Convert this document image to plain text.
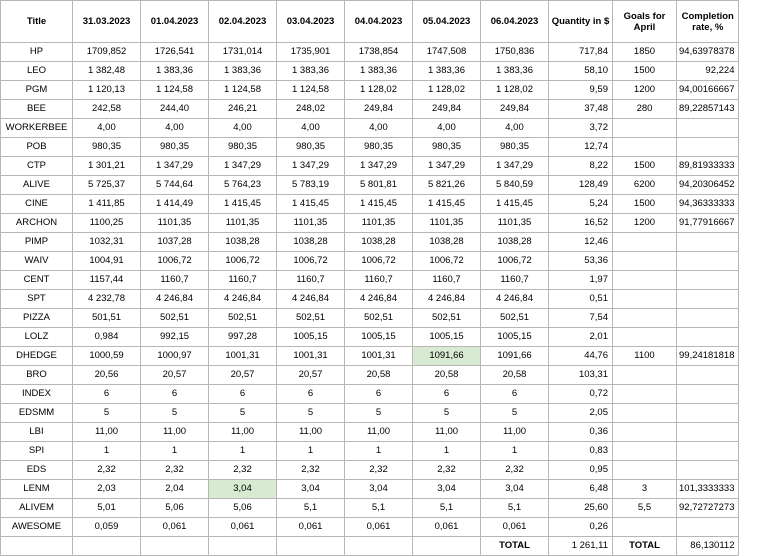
Title	31.03.2023	01.04.2023	02.04.2023	03.04.2023	04.04.2023	05.04.2023	06.04.2023	Quantity in $	Goals for April	Completion rate, %
HP	1709,852	1726,541	1731,014	1735,901	1738,854	1747,508	1750,836	717,84	1850	94,63978378
LEO	1 382,48	1 383,36	1 383,36	1 383,36	1 383,36	1 383,36	1 383,36	58,10	1500	92,224
PGM	1 120,13	1 124,58	1 124,58	1 124,58	1 128,02	1 128,02	1 128,02	9,59	1200	94,00166667
BEE	242,58	244,40	246,21	248,02	249,84	249,84	249,84	37,48	280	89,22857143
WORKERBEE	4,00	4,00	4,00	4,00	4,00	4,00	4,00	3,72		
POB	980,35	980,35	980,35	980,35	980,35	980,35	980,35	12,74		
CTP	1 301,21	1 347,29	1 347,29	1 347,29	1 347,29	1 347,29	1 347,29	8,22	1500	89,81933333
ALIVE	5 725,37	5 744,64	5 764,23	5 783,19	5 801,81	5 821,26	5 840,59	128,49	6200	94,20306452
CINE	1 411,85	1 414,49	1 415,45	1 415,45	1 415,45	1 415,45	1 415,45	5,24	1500	94,36333333
ARCHON	1100,25	1101,35	1101,35	1101,35	1101,35	1101,35	1101,35	16,52	1200	91,77916667
PIMP	1032,31	1037,28	1038,28	1038,28	1038,28	1038,28	1038,28	12,46		
WAIV	1004,91	1006,72	1006,72	1006,72	1006,72	1006,72	1006,72	53,36		
CENT	1157,44	1160,7	1160,7	1160,7	1160,7	1160,7	1160,7	1,97		
SPT	4 232,78	4 246,84	4 246,84	4 246,84	4 246,84	4 246,84	4 246,84	0,51		
PIZZA	501,51	502,51	502,51	502,51	502,51	502,51	502,51	7,54		
LOLZ	0,984	992,15	997,28	1005,15	1005,15	1005,15	1005,15	2,01		
DHEDGE	1000,59	1000,97	1001,31	1001,31	1001,31	1091,66	1091,66	44,76	1100	99,24181818
BRO	20,56	20,57	20,57	20,57	20,58	20,58	20,58	103,31		
INDEX	6	6	6	6	6	6	6	0,72		
EDSMM	5	5	5	5	5	5	5	2,05		
LBI	11,00	11,00	11,00	11,00	11,00	11,00	11,00	0,36		
SPI	1	1	1	1	1	1	1	0,83		
EDS	2,32	2,32	2,32	2,32	2,32	2,32	2,32	0,95		
LENM	2,03	2,04	3,04	3,04	3,04	3,04	3,04	6,48	3	101,3333333
ALIVEM	5,01	5,06	5,06	5,1	5,1	5,1	5,1	25,60	5,5	92,72727273
AWESOME	0,059	0,061	0,061	0,061	0,061	0,061	0,061	0,26		
							TOTAL	1 261,11	TOTAL	86,130112
